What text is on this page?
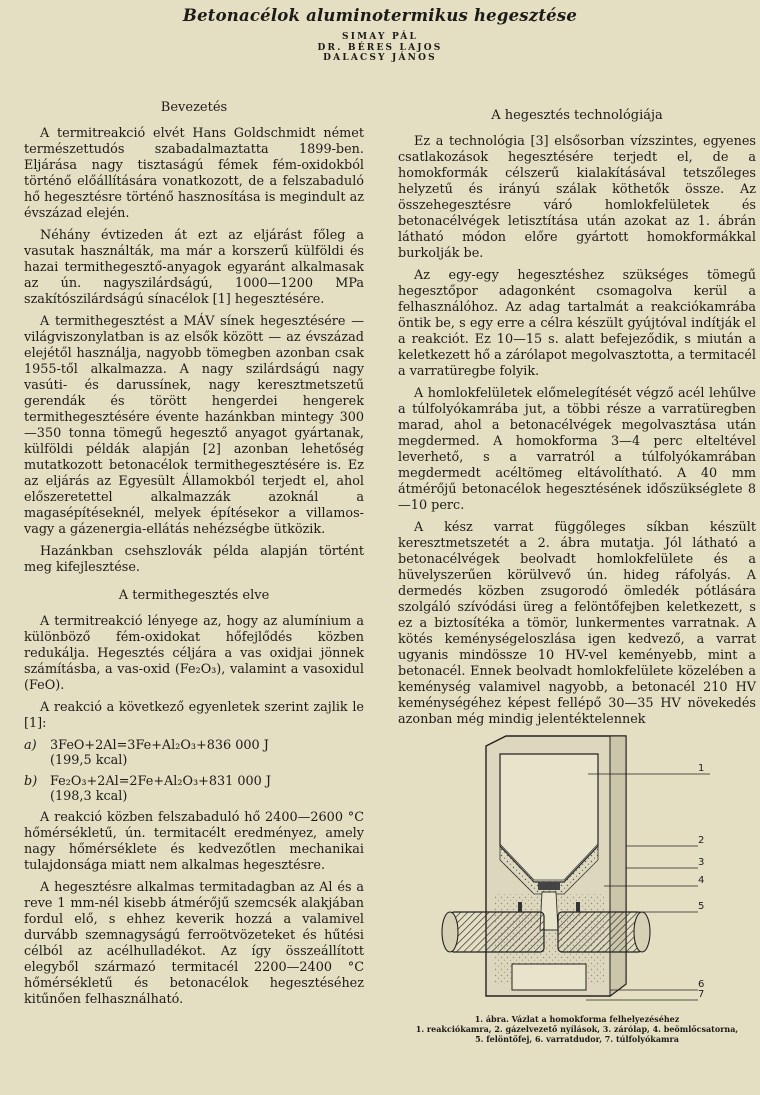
Betonacélok aluminotermikus hegesztése
SIMAY PÁL
DR. BÉRES LAJOS
DALACSY JÁNOS
Bevezetés

A termitreakció elvét Hans Goldschmidt német természettudós szabadalmaztatta 1899-ben. Eljárása nagy tisztaságú fémek fém-oxidokból történő előállítására vonatkozott, de a felszabaduló hő hegesztésre történő hasznosítása is megindult az évszázad elején.

Néhány évtizeden át ezt az eljárást főleg a vasutak használták, ma már a korszerű külföldi és hazai termithegesztő-anyagok egyaránt alkalmasak az ún. nagyszilárdságú, 1000—1200 MPa szakítószilárdságú sínacélok [1] hegesztésére.

A termithegesztést a MÁV sínek hegesztésére — világviszonylatban is az elsők között — az évszázad elejétől használja, nagyobb tömegben azonban csak 1955-től alkalmazza. A nagy szilárdságú nagy vasúti- és darussínek, nagy keresztmetszetű gerendák és törött hengerdei hengerek termithegesztésére évente hazánkban mintegy 300—350 tonna tömegű hegesztő anyagot gyártanak, külföldi példák alapján [2] azonban lehetőség mutatkozott betonacélok termithegesztésére is. Ez az eljárás az Egyesült Államokból terjedt el, ahol előszeretettel alkalmazzák azoknál a magasépítéseknél, melyek építésekor a villamos- vagy a gázenergia-ellátás nehézségbe ütközik.

Hazánkban csehszlovák példa alapján történt meg kifejlesztése.

A termithegesztés elve

A termitreakció lényege az, hogy az alumínium a különböző fém-oxidokat hőfejlődés közben redukálja. Hegesztés céljára a vas oxidjai jönnek számításba, a vas-oxid (Fe₂O₃), valamint a vasoxidul (FeO).

A reakció a következő egyenletek szerint zajlik le [1]:

a) 3FeO+2Al=3Fe+Al₂O₃+836 000 J
(199,5 kcal)
b) Fe₂O₃+2Al=2Fe+Al₂O₃+831 000 J
(198,3 kcal)

A reakció közben felszabaduló hő 2400—2600 °C hőmérsékletű, ún. termitacélt eredményez, amely nagy hőmérséklete és kedvezőtlen mechanikai tulajdonsága miatt nem alkalmas hegesztésre.

A hegesztésre alkalmas termitadagban az Al és a reve 1 mm-nél kisebb átmérőjű szemcsék alakjában fordul elő, s ehhez keverik hozzá a valamivel durvább szemnagyságú ferroötvözeteket és hűtési célból az acélhulladékot. Az így összeállított elegyből származó termitacél 2200—2400 °C hőmérsékletű és betonacélok hegesztéséhez kitűnően felhasználható.

A hegesztés technológiája

Ez a technológia [3] elsősorban vízszintes, egyenes csatlakozások hegesztésére terjedt el, de a homokformák célszerű kialakításával tetszőleges helyzetű és irányú szálak köthetők össze. Az összehegesztésre váró homlokfelületek és betonacélvégek letisztítása után azokat az 1. ábrán látható módon előre gyártott homokformákkal burkolják be.

Az egy-egy hegesztéshez szükséges tömegű hegesztőpor adagonként csomagolva kerül a felhasználóhoz. Az adag tartalmát a reakciókamrába öntik be, s egy erre a célra készült gyújtóval indítják el a reakciót. Ez 10—15 s. alatt befejeződik, s miután a keletkezett hő a zárólapot megolvasztotta, a termitacél a varratüregbe folyik.

A homlokfelületek előmelegítését végző acél lehűlve a túlfolyókamrába jut, a többi része a varratüregben marad, ahol a betonacélvégek megolvasztása után megdermed. A homokforma 3—4 perc elteltével leverhető, s a varratról a túlfolyókamrában megdermedt acéltömeg eltávolítható. A 40 mm átmérőjű betonacélok hegesztésének időszükséglete 8—10 perc.

A kész varrat függőleges síkban készült keresztmetszetét a 2. ábra mutatja. Jól látható a betonacélvégek beolvadt homlokfelülete és a hüvelyszerűen körülvevő ún. hideg ráfolyás. A dermedés közben zsugorodó ömledék pótlására szolgáló szívódási üreg a felöntőfejben keletkezett, s ez a biztosítéka a tömör, lunkermentes varratnak. A kötés keménységeloszlása igen kedvező, a varrat ugyanis mindössze 10 HV-vel keményebb, mint a betonacél. Ennek beolvadt homlokfelülete közelében a keménység valamivel nagyobb, a betonacél 210 HV keménységéhez képest fellépő 30—35 HV növekedés azonban még mindig jelentéktelennek

1
2
3
4
5
6
7
1. ábra. Vázlat a homokforma felhelyezéséhez
1. reakciókamra, 2. gázelvezető nyílások, 3. zárólap, 4. beömlőcsatorna,
5. felöntőfej, 6. varratdudor, 7. túlfolyókamra
